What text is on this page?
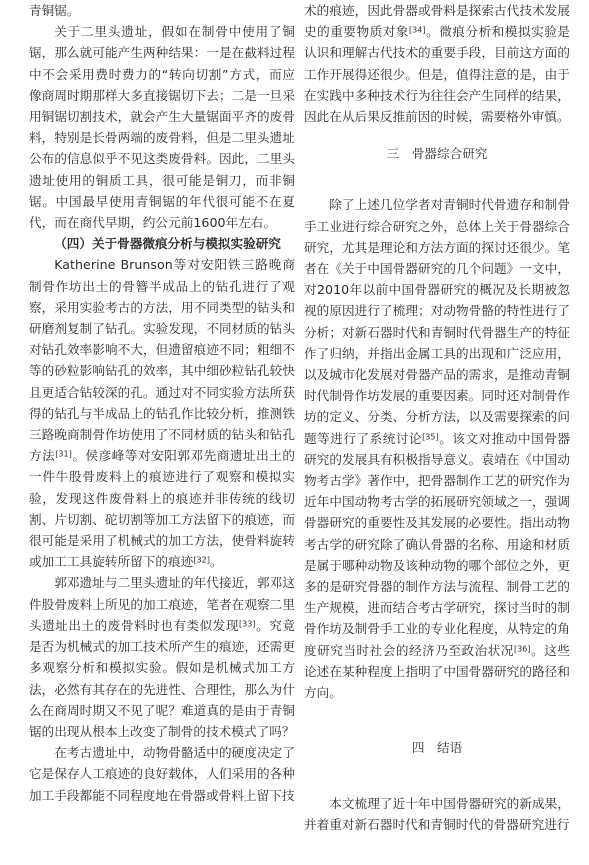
青铜锯。

关于二里头遗址，假如在制骨中使用了铜锯，那么就可能产生两种结果：一是在截料过程中不会采用费时费力的“转向切割”方式，而应像商周时期那样大多直接锯切下去；二是一旦采用铜锯切割技术，就会产生大量锯面平齐的废骨料，特别是长骨两端的废骨料，但是二里头遗址公布的信息似乎不见这类废骨料。因此，二里头遗址使用的铜质工具，很可能是铜刀，而非铜锯。中国最早使用青铜锯的年代很可能不在夏代，而在商代早期，约公元前1600年左右。

（四）关于骨器微痕分析与模拟实验研究

Katherine Brunson等对安阳铁三路晚商制骨作坊出土的骨簪半成品上的钻孔进行了观察，采用实验考古的方法，用不同类型的钻头和研磨剂复制了钻孔。实验发现，不同材质的钻头对钻孔效率影响不大，但遗留痕迹不同；粗细不等的砂粒影响钻孔的效率，其中细砂粒钻孔较快且更适合钻较深的孔。通过对不同实验方法所获得的钻孔与半成品上的钻孔作比较分析，推测铁三路晚商制骨作坊使用了不同材质的钻头和钻孔方法[31]。侯彦峰等对安阳郭邓先商遗址出土的一件牛股骨废料上的痕迹进行了观察和模拟实验，发现这件废骨料上的痕迹并非传统的线切割、片切割、砣切割等加工方法留下的痕迹，而很可能是采用了机械式的加工方法，使骨料旋转或加工工具旋转所留下的痕迹[32]。

郭邓遗址与二里头遗址的年代接近，郭邓这件股骨废料上所见的加工痕迹，笔者在观察二里头遗址出土的废骨料时也有类似发现[33]。究竟是否为机械式的加工技术所产生的痕迹，还需更多观察分析和模拟实验。假如是机械式加工方法，必然有其存在的先进性、合理性，那么为什么在商周时期又不见了呢？难道真的是由于青铜锯的出现从根本上改变了制骨的技术模式了吗？

在考古遗址中，动物骨骼适中的硬度决定了它是保存人工痕迹的良好载体，人们采用的各种加工手段都能不同程度地在骨器或骨料上留下技

术的痕迹，因此骨器或骨料是探索古代技术发展史的重要物质对象[34]。微痕分析和模拟实验是认识和理解古代技术的重要手段，目前这方面的工作开展得还很少。但是，值得注意的是，由于在实践中多种技术行为往往会产生同样的结果，因此在从后果反推前因的时候，需要格外审慎。

三　骨器综合研究

除了上述几位学者对青铜时代骨遗存和制骨手工业进行综合研究之外，总体上关于骨器综合研究，尤其是理论和方法方面的探讨还很少。笔者在《关于中国骨器研究的几个问题》一文中，对2010年以前中国骨器研究的概况及长期被忽视的原因进行了梳理；对动物骨骼的特性进行了分析；对新石器时代和青铜时代骨器生产的特征作了归纳，并指出金属工具的出现和广泛应用，以及城市化发展对骨器产品的需求，是推动青铜时代制骨作坊发展的重要因素。同时还对制骨作坊的定义、分类、分析方法，以及需要探索的问题等进行了系统讨论[35]。该文对推动中国骨器研究的发展具有积极指导意义。袁靖在《中国动物考古学》著作中，把骨器制作工艺的研究作为近年中国动物考古学的拓展研究领域之一，强调骨器研究的重要性及其发展的必要性。指出动物考古学的研究除了确认骨器的名称、用途和材质是属于哪种动物及该种动物的哪个部位之外，更多的是研究骨器的制作方法与流程、制骨工艺的生产规模，进而结合考古学研究，探讨当时的制骨作坊及制骨手工业的专业化程度，从特定的角度研究当时社会的经济乃至政治状况[36]。这些论述在某种程度上指明了中国骨器研究的路径和方向。

四　结语

本文梳理了近十年中国骨器研究的新成果，并着重对新石器时代和青铜时代的骨器研究进行
